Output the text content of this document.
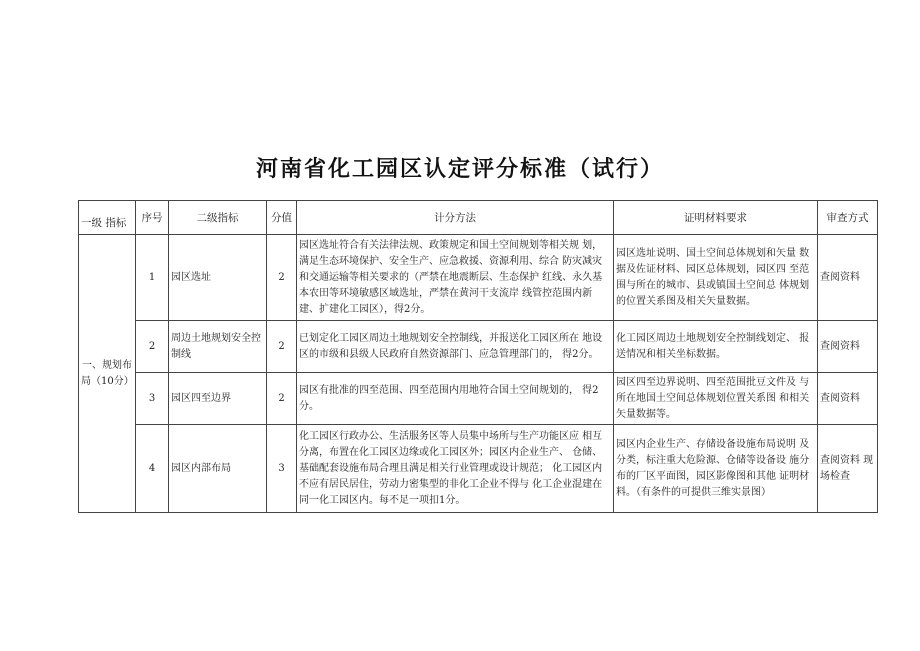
河南省化工园区认定评分标准（试行）
一级 指标	序号	二级指标	分值	计分方法	证明材料要求	审查方式
一、规划布局（10分）	1	园区选址	2	园区选址符合有关法律法规、政策规定和国土空间规划等相关规 划，满足生态环境保护、安全生产、应急救援、资源利用、综合 防灾减灾和交通运输等相关要求的（严禁在地震断层、生态保护 红线、永久基本农田等环境敏感区域选址，严禁在黄河干支流岸 线管控范围内新建、扩建化工园区），得2分。	园区选址说明、国土空间总体规划和矢量 数据及佐证材料、园区总体规划，园区四 至范围与所在的城市、县或镇国土空间总 体规划的位置关系图及相关矢量数据。	查阅资料
	2	周边土地规划安全控制线	2	已划定化工园区周边土地规划安全控制线，并报送化工园区所在 地设区的市级和县级人民政府自然资源部门、应急管理部门的， 得2分。	化工园区周边土地规划安全控制线划定、 报送情况和相关坐标数据。	查阅资料
	3	园区四至边界	2	园区有批准的四至范围、四至范围内用地符合国土空间规划的， 得2分。	园区四至边界说明、四至范围批豆文件及 与所在地国土空间总体规划位置关系图 和相关矢量数据等。	查阅资料
	4	园区内部布局	3	化工园区行政办公、生活服务区等人员集中场所与生产功能区应 相互分离，布置在化工园区边缘或化工园区外；园区内企业生产、 仓储、基础配套设施布局合理且满足相关行业管理或设计规范； 化工园区内不应有居民居住，劳动力密集型的非化工企业不得与 化工企业混建在同一化工园区内。每不足一项扣1分。	园区内企业生产、存储设备设施布局说明 及分类，标注重大危险源、仓储等设备设 施分布的厂区平面图，园区影像图和其他 证明材料。（有条件的可提供三维实景图）	查阅资料 现场检查
